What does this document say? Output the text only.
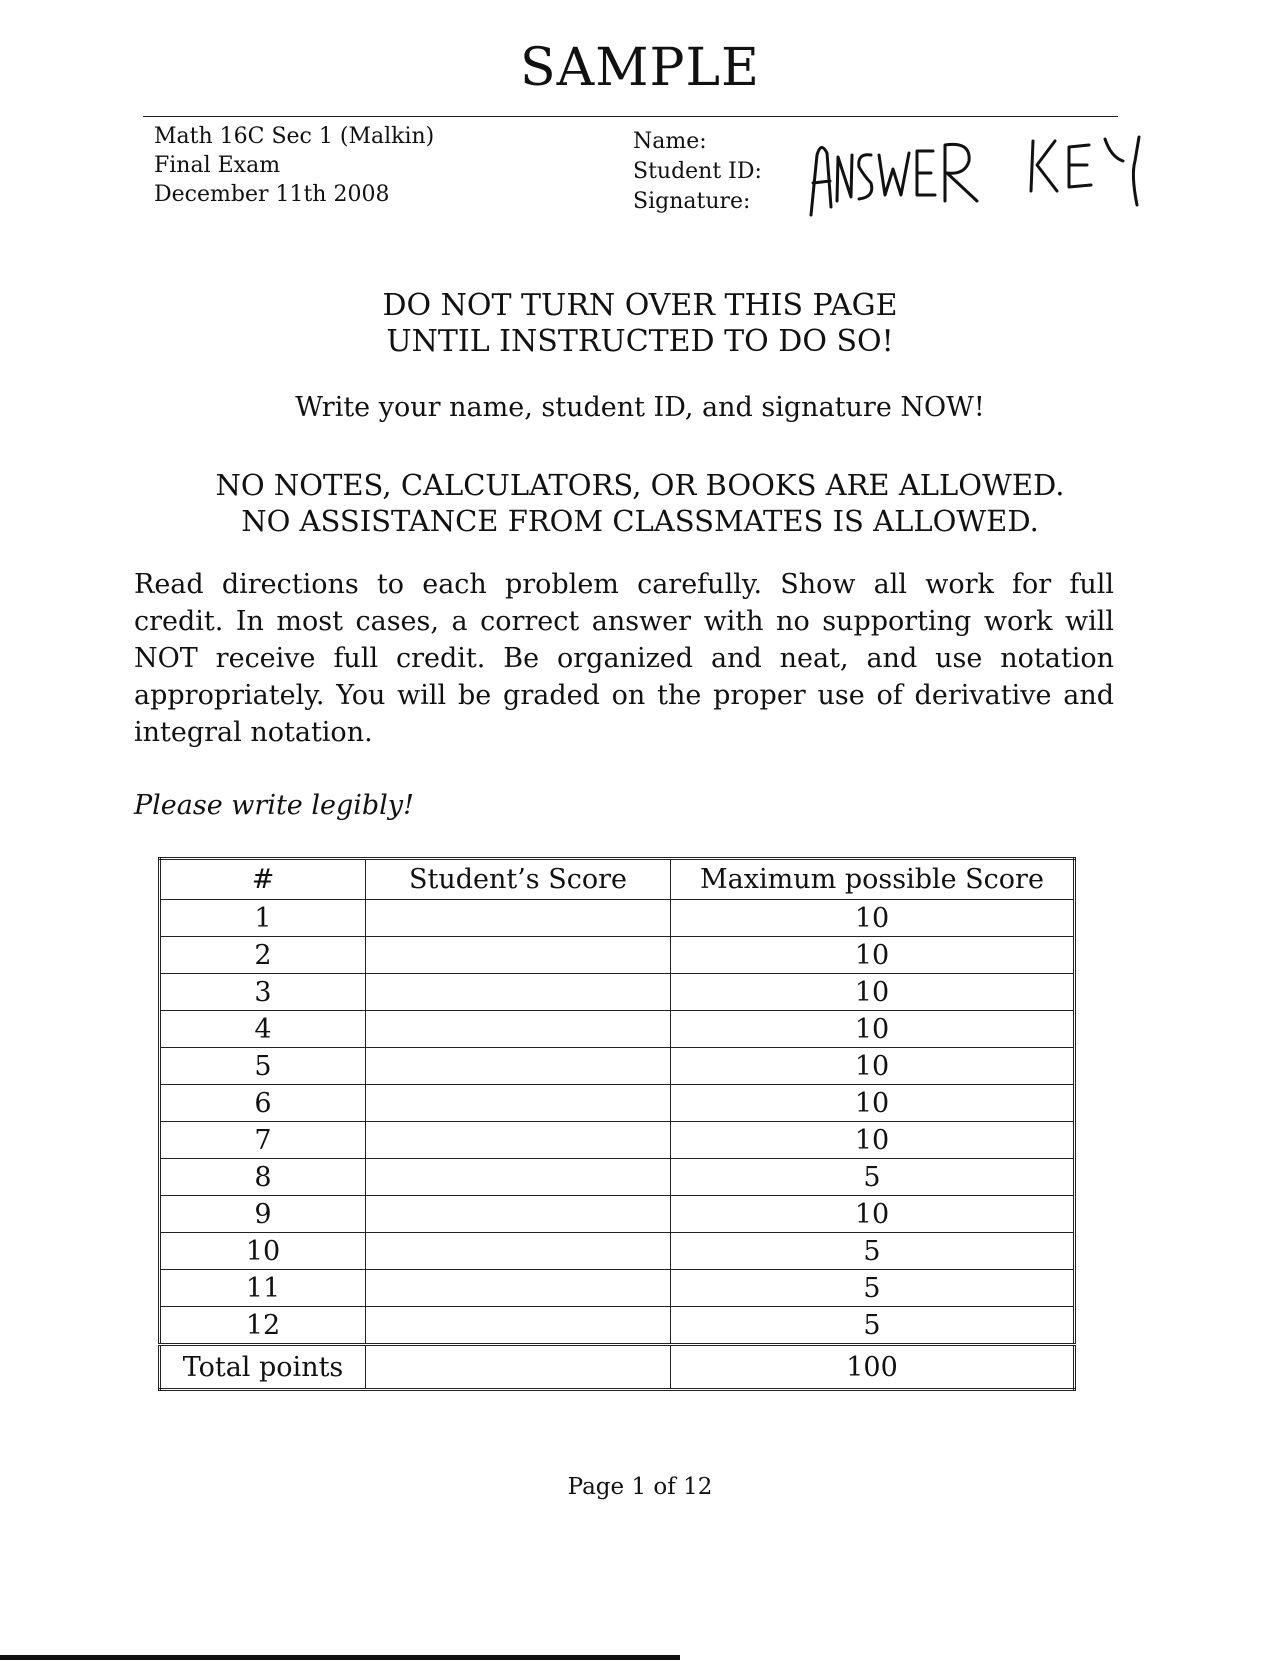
SAMPLE
Math 16C Sec 1 (Malkin)
Final Exam
December 11th 2008
Name:
Student ID:
Signature:
DO NOT TURN OVER THIS PAGE
UNTIL INSTRUCTED TO DO SO!
Write your name, student ID, and signature NOW!
NO NOTES, CALCULATORS, OR BOOKS ARE ALLOWED.
NO ASSISTANCE FROM CLASSMATES IS ALLOWED.
Read directions to each problem carefully. Show all work for full credit. In most cases, a correct answer with no supporting work will NOT receive full credit. Be organized and neat, and use notation appropriately. You will be graded on the proper use of derivative and integral notation.
Please write legibly!
#	Student’s Score	Maximum possible Score
1		10
2		10
3		10
4		10
5		10
6		10
7		10
8		5
9		10
10		5
11		5
12		5
Total points		100
Page 1 of 12
